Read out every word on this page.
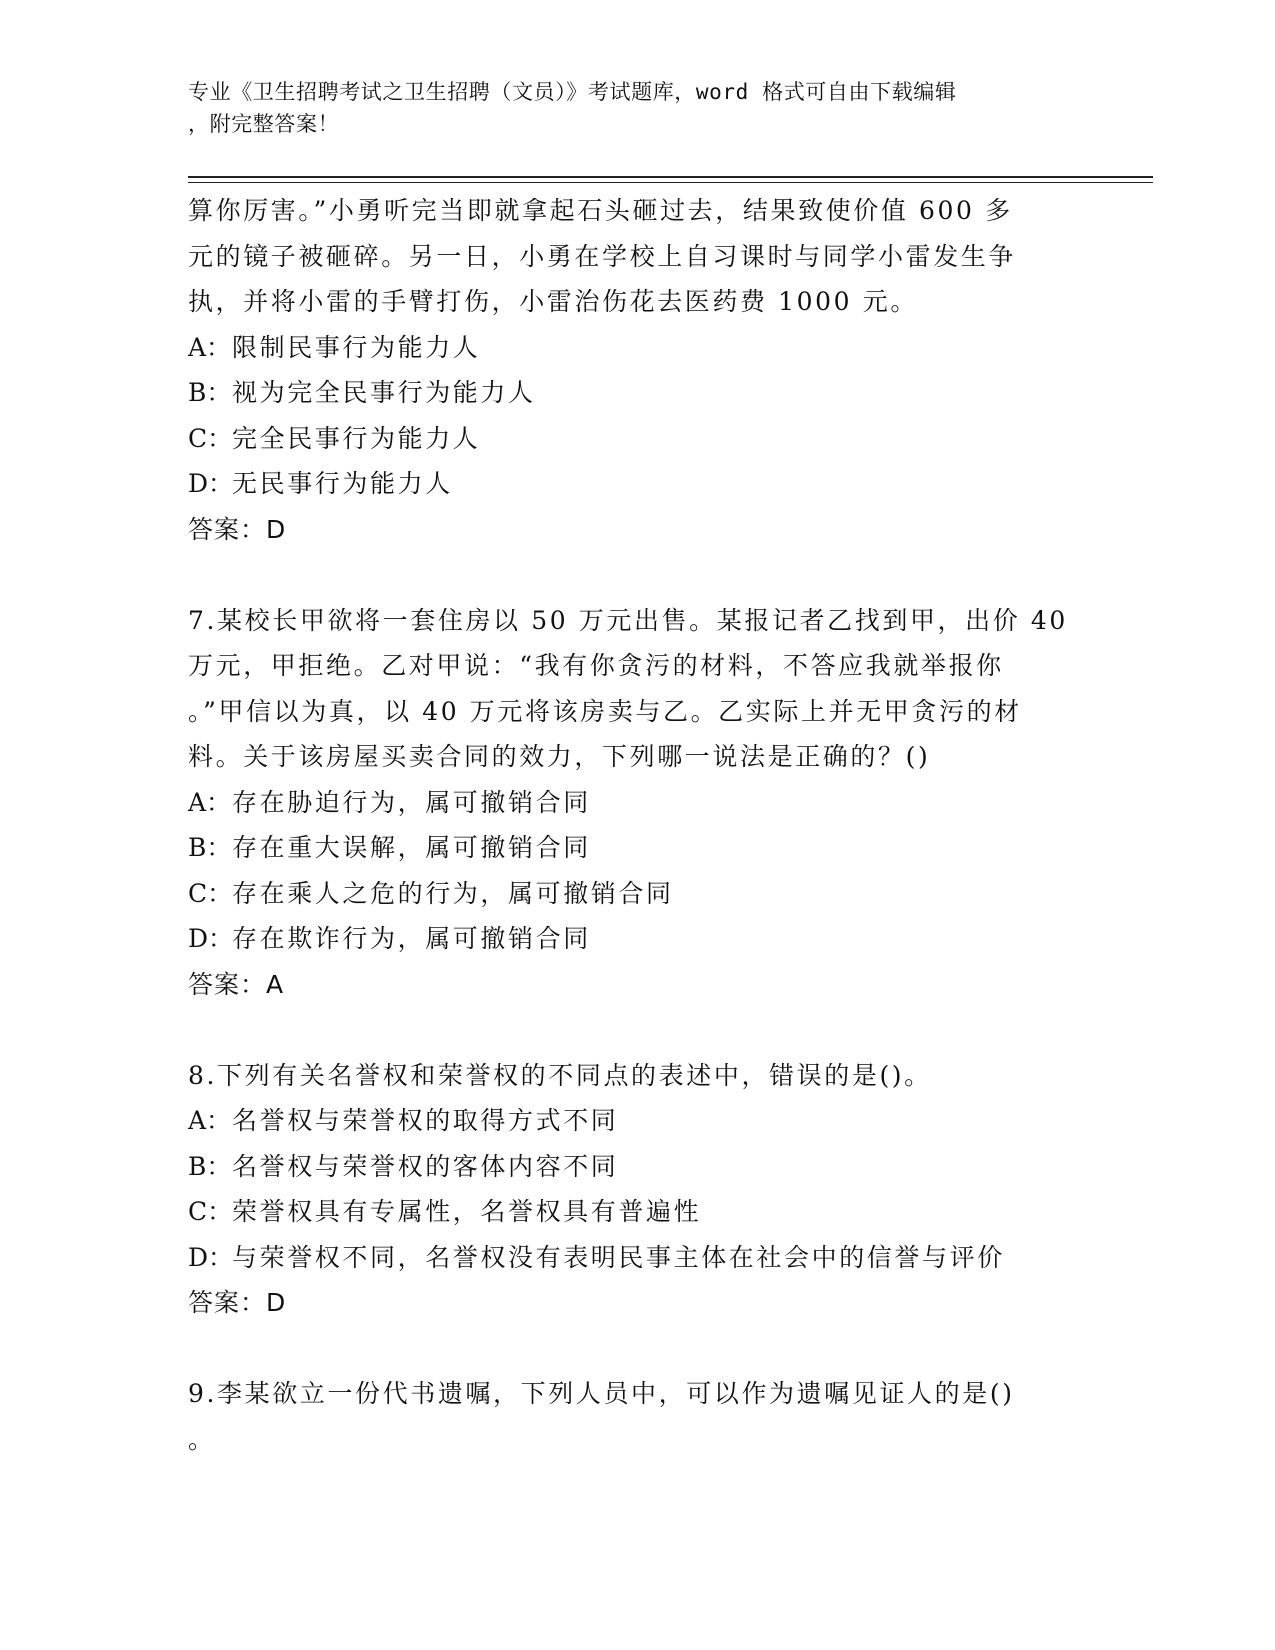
专业《卫生招聘考试之卫生招聘（文员）》考试题库，word 格式可自由下载编辑
，附完整答案！
算你厉害。”小勇听完当即就拿起石头砸过去，结果致使价值 600 多
元的镜子被砸碎。另一日，小勇在学校上自习课时与同学小雷发生争
执，并将小雷的手臂打伤，小雷治伤花去医药费 1000 元。
A：限制民事行为能力人
B：视为完全民事行为能力人
C：完全民事行为能力人
D：无民事行为能力人
答案：D
7.某校长甲欲将一套住房以 50 万元出售。某报记者乙找到甲，出价 40
万元，甲拒绝。乙对甲说：“我有你贪污的材料，不答应我就举报你
。”甲信以为真，以 40 万元将该房卖与乙。乙实际上并无甲贪污的材
料。关于该房屋买卖合同的效力，下列哪一说法是正确的？()
A：存在胁迫行为，属可撤销合同
B：存在重大误解，属可撤销合同
C：存在乘人之危的行为，属可撤销合同
D：存在欺诈行为，属可撤销合同
答案：A
8.下列有关名誉权和荣誉权的不同点的表述中，错误的是()。
A：名誉权与荣誉权的取得方式不同
B：名誉权与荣誉权的客体内容不同
C：荣誉权具有专属性，名誉权具有普遍性
D：与荣誉权不同，名誉权没有表明民事主体在社会中的信誉与评价
答案：D
9.李某欲立一份代书遗嘱，下列人员中，可以作为遗嘱见证人的是()
。
